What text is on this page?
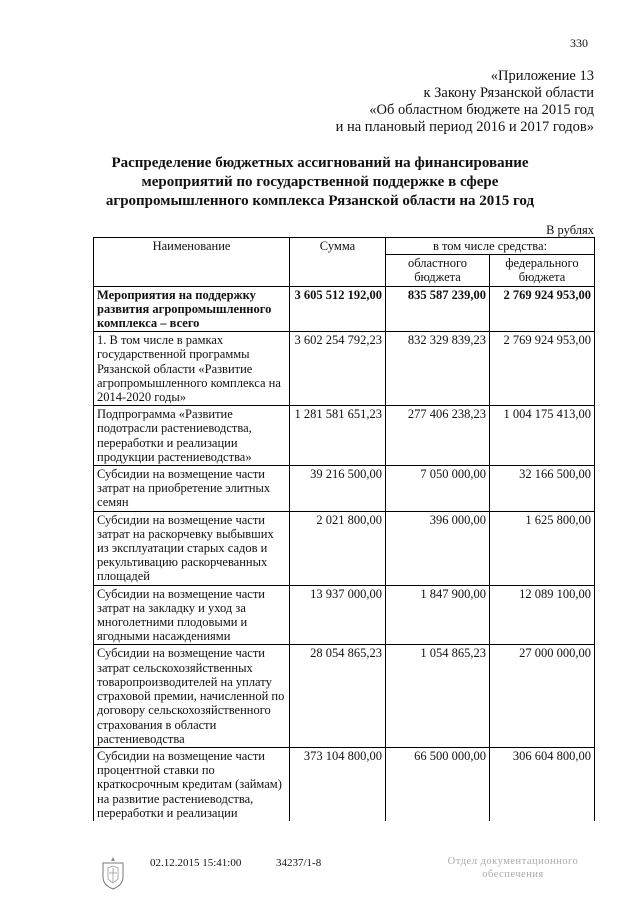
330
«Приложение 13
к Закону Рязанской области
«Об областном бюджете на 2015 год
и на плановый период 2016 и 2017 годов»
Распределение бюджетных ассигнований на финансирование
мероприятий по государственной поддержке в сфере
агропромышленного комплекса Рязанской области на 2015 год
В рублях
Наименование	Сумма	в том числе средства:	
		областного бюджета	федерального бюджета
Мероприятия на поддержку развития агропромышленного комплекса – всего	3 605 512 192,00	835 587 239,00	2 769 924 953,00
1. В том числе в рамках государственной программы Рязанской области «Развитие агропромышленного комплекса на 2014-2020 годы»	3 602 254 792,23	832 329 839,23	2 769 924 953,00
Подпрограмма «Развитие подотрасли растениеводства, переработки и реализации продукции растениеводства»	1 281 581 651,23	277 406 238,23	1 004 175 413,00
Субсидии на возмещение части затрат на приобретение элитных семян	39 216 500,00	7 050 000,00	32 166 500,00
Субсидии на возмещение части затрат на раскорчевку выбывших из эксплуатации старых садов и рекультивацию раскорчеванных площадей	2 021 800,00	396 000,00	1 625 800,00
Субсидии на возмещение части затрат на закладку и уход за многолетними плодовыми и ягодными насаждениями	13 937 000,00	1 847 900,00	12 089 100,00
Субсидии на возмещение части затрат сельскохозяйственных товаропроизводителей на уплату страховой премии, начисленной по договору сельскохозяйственного страхования в области растениеводства	28 054 865,23	1 054 865,23	27 000 000,00
Субсидии на возмещение части процентной ставки по краткосрочным кредитам (займам) на развитие растениеводства, переработки и реализации	373 104 800,00	66 500 000,00	306 604 800,00
02.12.2015 15:41:00	34237/1-8	Отдел документационного обеспечения
